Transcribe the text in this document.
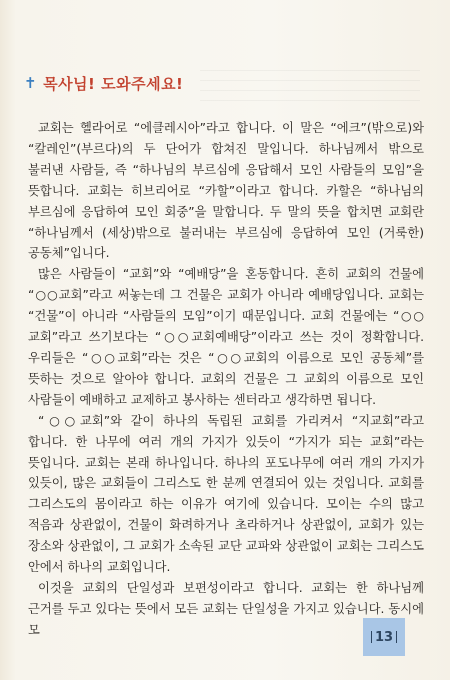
✝ 목사님! 도와주세요!

교회는 헬라어로 “에클레시아”라고 합니다. 이 말은 “에크”(밖으로)와 “칼레인”(부르다)의 두 단어가 합쳐진 말입니다. 하나님께서 밖으로 불러낸 사람들, 즉 “하나님의 부르심에 응답해서 모인 사람들의 모임”을 뜻합니다. 교회는 히브리어로 “카할”이라고 합니다. 카할은 “하나님의 부르심에 응답하여 모인 회중”을 말합니다. 두 말의 뜻을 합치면 교회란 “하나님께서 (세상)밖으로 불러내는 부르심에 응답하여 모인 (거룩한) 공동체”입니다.

많은 사람들이 “교회”와 “예배당”을 혼동합니다. 흔히 교회의 건물에 “○○교회”라고 써놓는데 그 건물은 교회가 아니라 예배당입니다. 교회는 “건물”이 아니라 “사람들의 모임”이기 때문입니다. 교회 건물에는 “○○교회”라고 쓰기보다는 “○○교회예배당”이라고 쓰는 것이 정확합니다. 우리들은 “○○교회”라는 것은 “○○교회의 이름으로 모인 공동체”를 뜻하는 것으로 알아야 합니다. 교회의 건물은 그 교회의 이름으로 모인 사람들이 예배하고 교제하고 봉사하는 센터라고 생각하면 됩니다.

“○○교회”와 같이 하나의 독립된 교회를 가리켜서 “지교회”라고 합니다. 한 나무에 여러 개의 가지가 있듯이 “가지가 되는 교회”라는 뜻입니다. 교회는 본래 하나입니다. 하나의 포도나무에 여러 개의 가지가 있듯이, 많은 교회들이 그리스도 한 분께 연결되어 있는 것입니다. 교회를 그리스도의 몸이라고 하는 이유가 여기에 있습니다. 모이는 수의 많고 적음과 상관없이, 건물이 화려하거나 초라하거나 상관없이, 교회가 있는 장소와 상관없이, 그 교회가 소속된 교단 교파와 상관없이 교회는 그리스도 안에서 하나의 교회입니다.

이것을 교회의 단일성과 보편성이라고 합니다. 교회는 한 하나님께 근거를 두고 있다는 뜻에서 모든 교회는 단일성을 가지고 있습니다. 동시에 모	13
